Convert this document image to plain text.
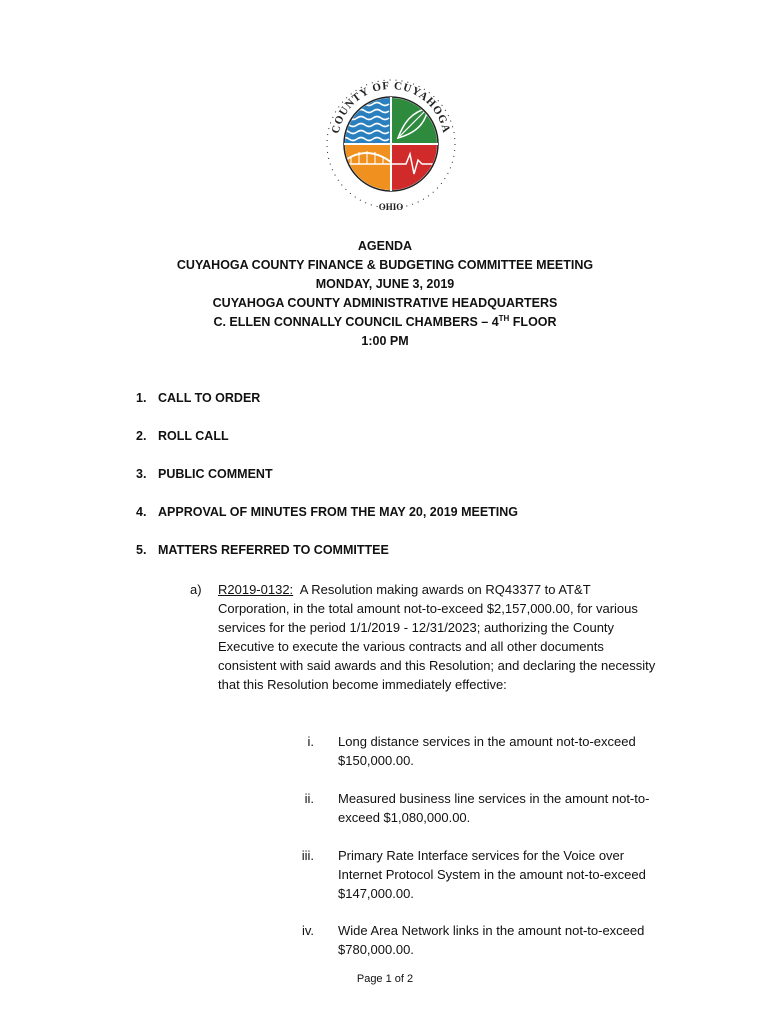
COUNTY OF CUYAHOGA
OHIO
AGENDA
CUYAHOGA COUNTY FINANCE & BUDGETING COMMITTEE MEETING
MONDAY, JUNE 3, 2019
CUYAHOGA COUNTY ADMINISTRATIVE HEADQUARTERS
C. ELLEN CONNALLY COUNCIL CHAMBERS – 4TH FLOOR
1:00 PM
1. CALL TO ORDER
2. ROLL CALL
3. PUBLIC COMMENT
4. APPROVAL OF MINUTES FROM THE MAY 20, 2019 MEETING
5. MATTERS REFERRED TO COMMITTEE
a) R2019-0132: A Resolution making awards on RQ43377 to AT&T Corporation, in the total amount not-to-exceed $2,157,000.00, for various services for the period 1/1/2019 - 12/31/2023; authorizing the County Executive to execute the various contracts and all other documents consistent with said awards and this Resolution; and declaring the necessity that this Resolution become immediately effective:
i. Long distance services in the amount not-to-exceed $150,000.00.
ii. Measured business line services in the amount not-to-exceed $1,080,000.00.
iii. Primary Rate Interface services for the Voice over Internet Protocol System in the amount not-to-exceed $147,000.00.
iv. Wide Area Network links in the amount not-to-exceed $780,000.00.
Page 1 of 2
